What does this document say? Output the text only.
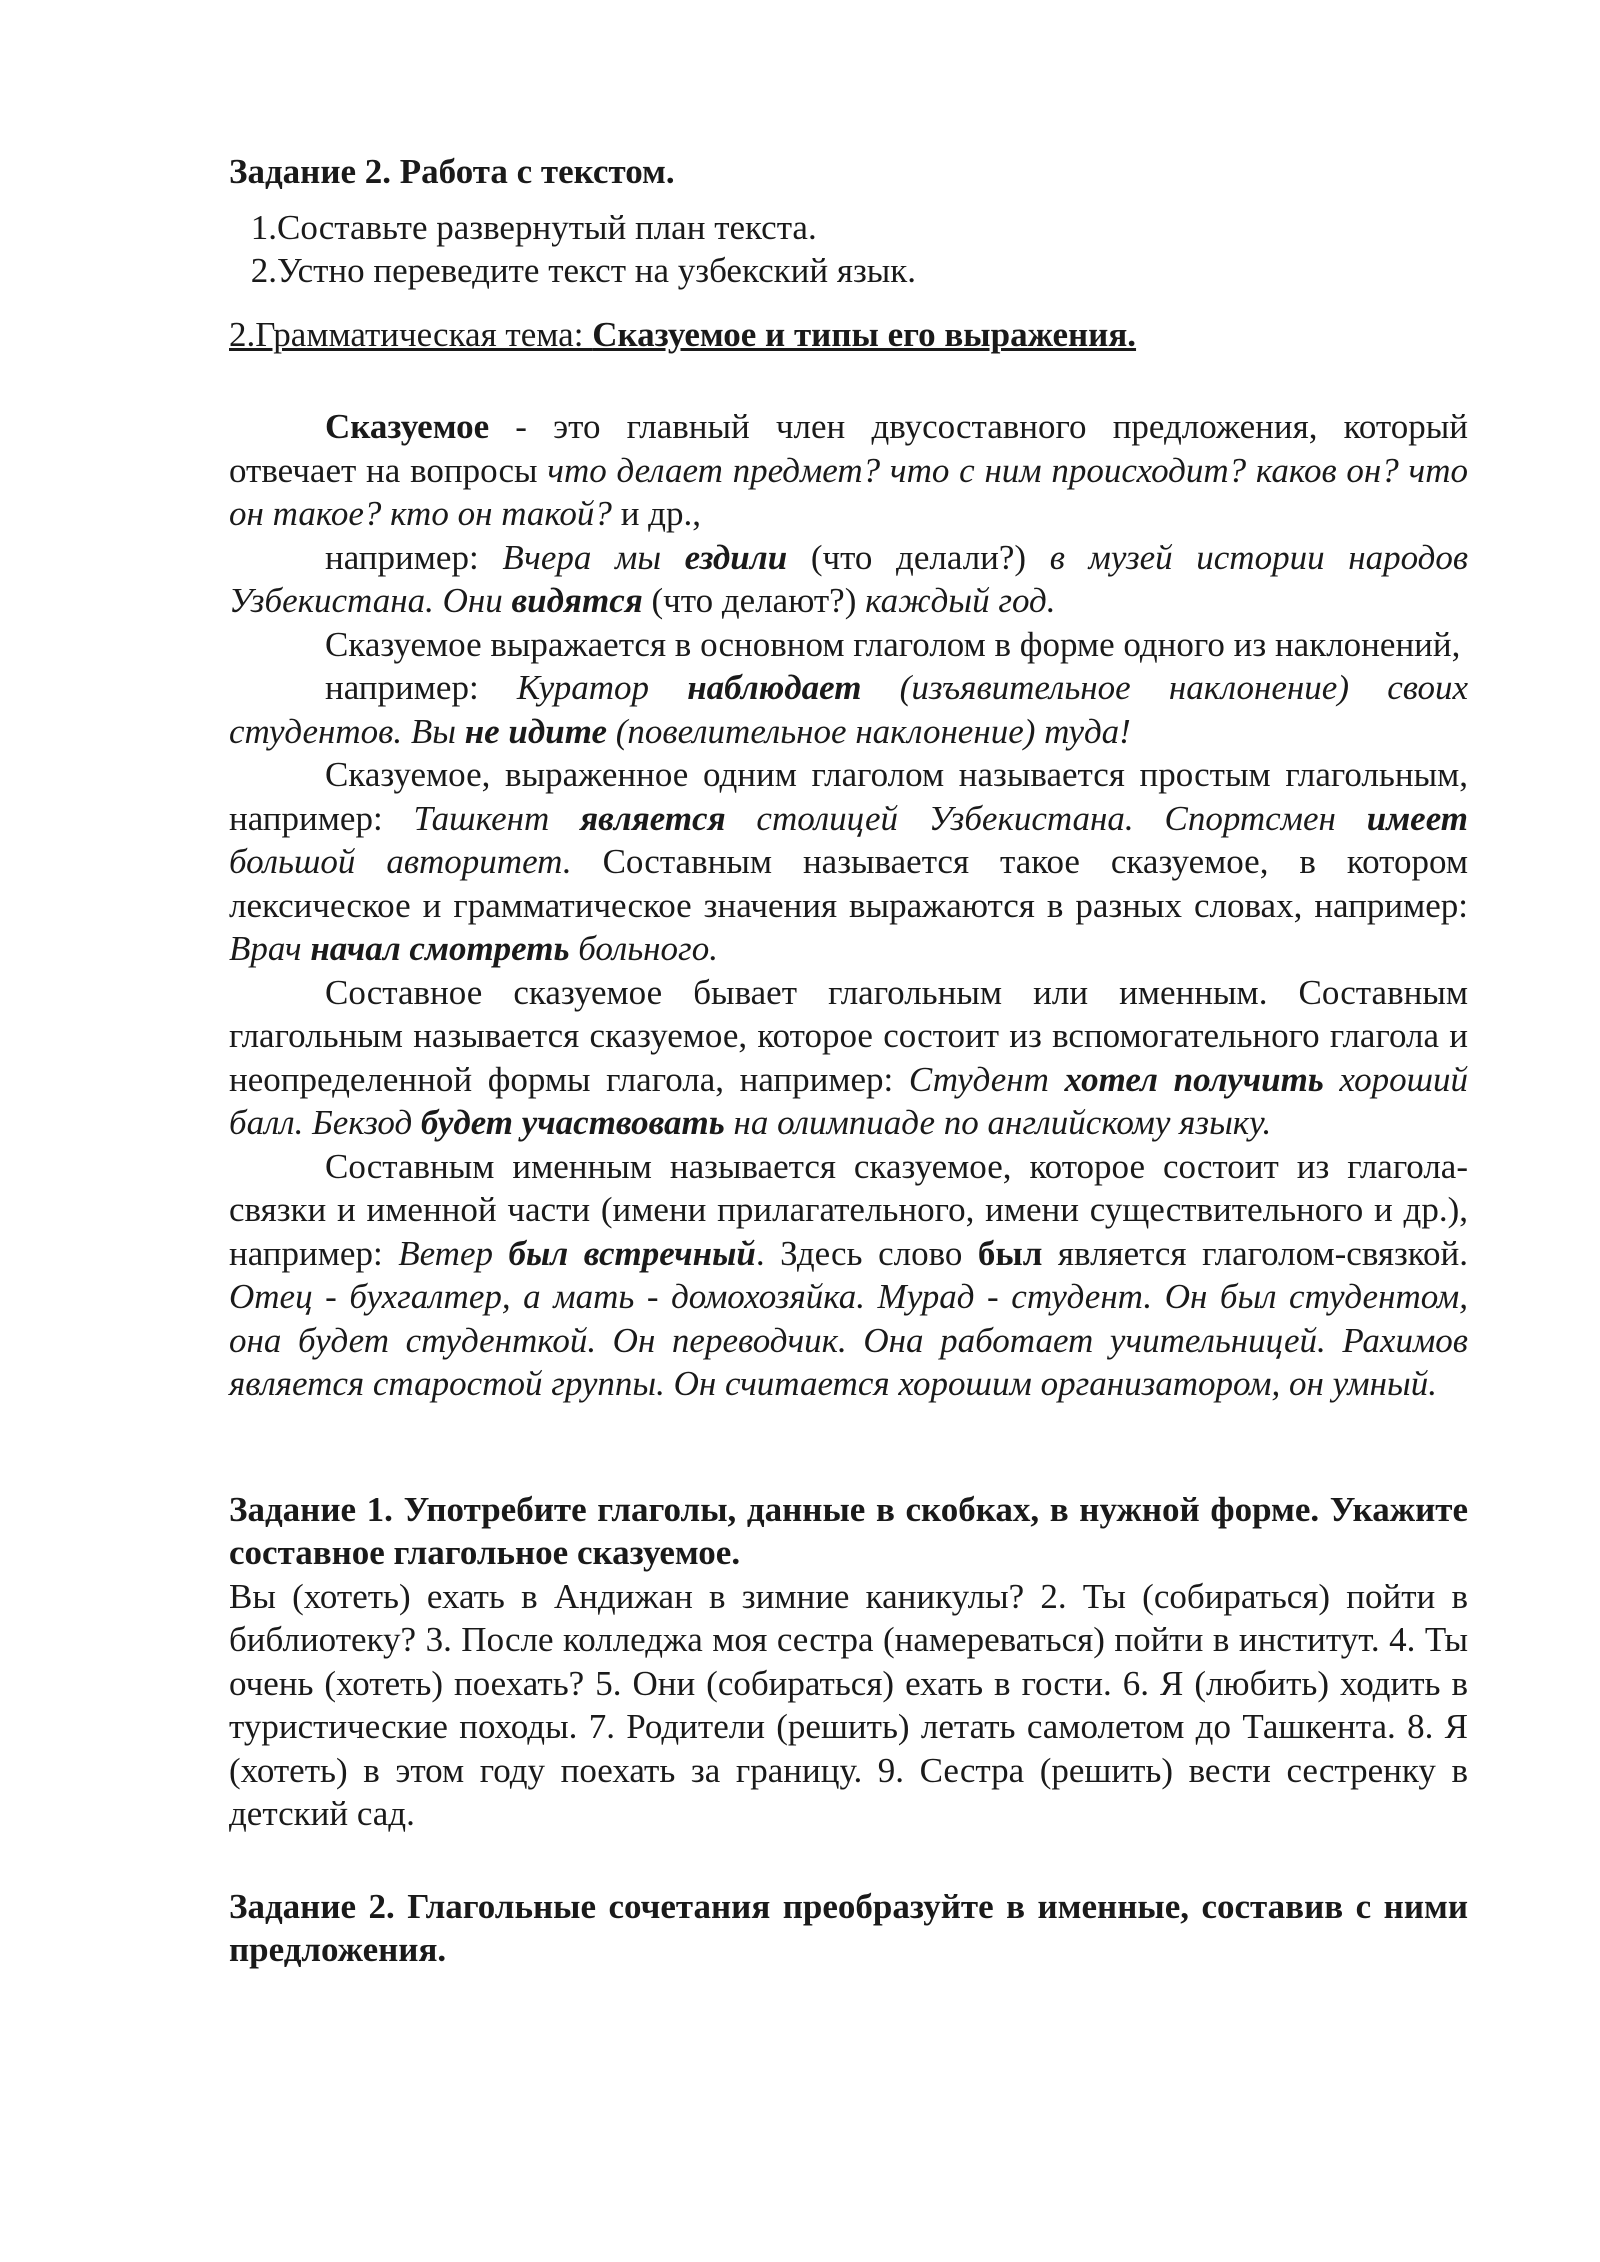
Задание 2. Работа с текстом.

1. Составьте развернутый план текста.
2. Устно переведите текст на узбекский язык.

2.Грамматическая тема: Сказуемое и типы его выражения.

Сказуемое - это главный член двусоставного предложения, который отвечает на вопросы что делает предмет? что с ним происходит? каков он? что он такое? кто он такой? и др.,

например: Вчера мы ездили (что делали?) в музей истории народов Узбекистана. Они видятся (что делают?) каждый год.

Сказуемое выражается в основном глаголом в форме одного из наклонений,

например: Куратор наблюдает (изъявительное наклонение) своих студентов. Вы не идите (повелительное наклонение) туда!

Сказуемое, выраженное одним глаголом называется простым глагольным, например: Ташкент является столицей Узбекистана. Спортсмен имеет большой авторитет. Составным называется такое сказуемое, в котором лексическое и грамматическое значения выражаются в разных словах, например: Врач начал смотреть больного.

Составное сказуемое бывает глагольным или именным. Составным глагольным называется сказуемое, которое состоит из вспомогательного глагола и неопределенной формы глагола, например: Студент хотел получить хороший балл. Бекзод будет участвовать на олимпиаде по английскому языку.

Составным именным называется сказуемое, которое состоит из глагола-связки и именной части (имени прилагательного, имени существительного и др.), например: Ветер был встречный. Здесь слово был является глаголом-связкой. Отец - бухгалтер, а мать - домохозяйка. Мурад - студент. Он был студентом, она будет студенткой. Он переводчик. Она работает учительницей. Рахимов является старостой группы. Он считается хорошим организатором, он умный.

Задание 1. Употребите глаголы, данные в скобках, в нужной форме. Укажите составное глагольное сказуемое.

Вы (хотеть) ехать в Андижан в зимние каникулы? 2. Ты (собираться) пойти в библиотеку? 3. После колледжа моя сестра (намереваться) пойти в институт. 4. Ты очень (хотеть) поехать? 5. Они (собираться) ехать в гости. 6. Я (любить) ходить в туристические походы. 7. Родители (решить) летать самолетом до Ташкента. 8. Я (хотеть) в этом году поехать за границу. 9. Сестра (решить) вести сестренку в детский сад.

Задание 2. Глагольные сочетания преобразуйте в именные, составив с ними предложения.
